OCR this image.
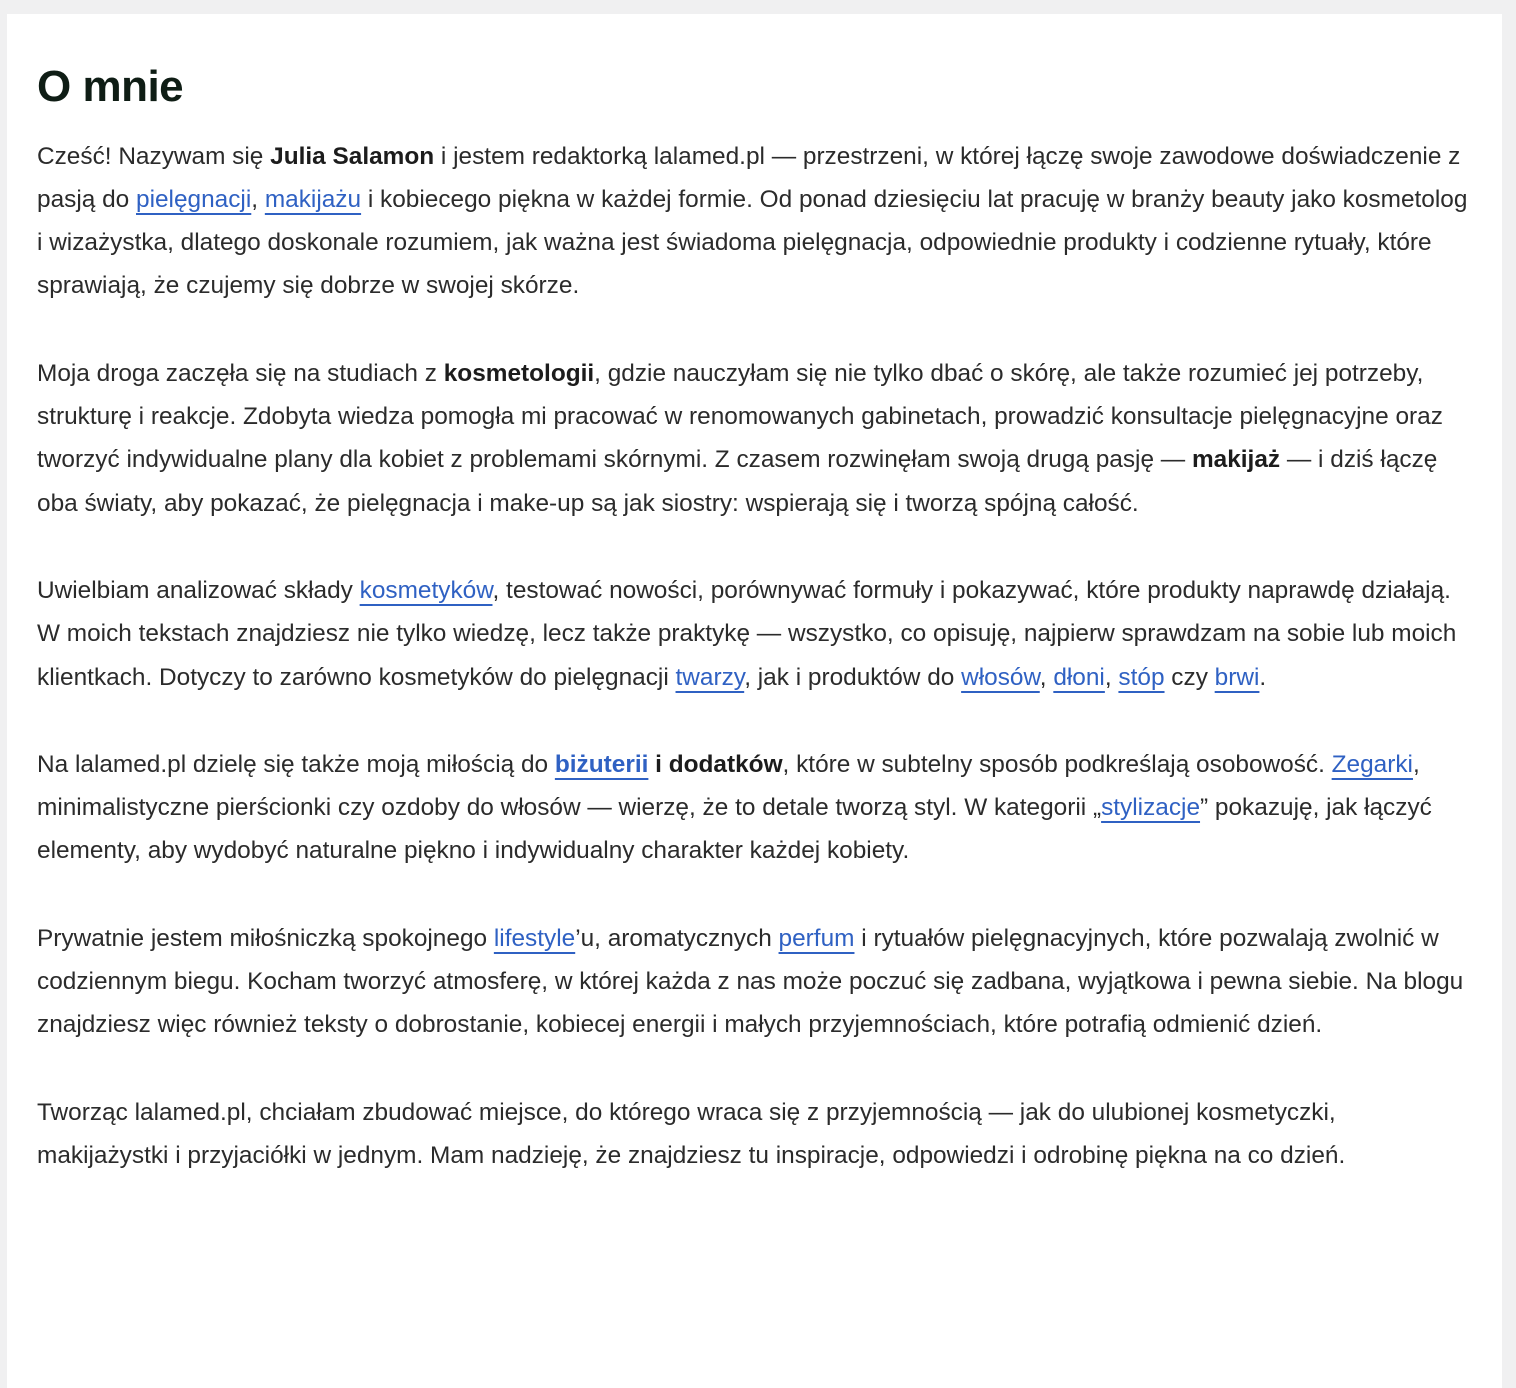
O mnie

Cześć! Nazywam się Julia Salamon i jestem redaktorką lalamed.pl — przestrzeni, w której łączę swoje zawodowe doświadczenie z pasją do pielęgnacji, makijażu i kobiecego piękna w każdej formie. Od ponad dziesięciu lat pracuję w branży beauty jako kosmetolog i wizażystka, dlatego doskonale rozumiem, jak ważna jest świadoma pielęgnacja, odpowiednie produkty i codzienne rytuały, które sprawiają, że czujemy się dobrze w swojej skórze.

Moja droga zaczęła się na studiach z kosmetologii, gdzie nauczyłam się nie tylko dbać o skórę, ale także rozumieć jej potrzeby, strukturę i reakcje. Zdobyta wiedza pomogła mi pracować w renomowanych gabinetach, prowadzić konsultacje pielęgnacyjne oraz tworzyć indywidualne plany dla kobiet z problemami skórnymi. Z czasem rozwinęłam swoją drugą pasję — makijaż — i dziś łączę oba światy, aby pokazać, że pielęgnacja i make-up są jak siostry: wspierają się i tworzą spójną całość.

Uwielbiam analizować składy kosmetyków, testować nowości, porównywać formuły i pokazywać, które produkty naprawdę działają. W moich tekstach znajdziesz nie tylko wiedzę, lecz także praktykę — wszystko, co opisuję, najpierw sprawdzam na sobie lub moich klientkach. Dotyczy to zarówno kosmetyków do pielęgnacji twarzy, jak i produktów do włosów, dłoni, stóp czy brwi.

Na lalamed.pl dzielę się także moją miłością do biżuterii i dodatków, które w subtelny sposób podkreślają osobowość. Zegarki, minimalistyczne pierścionki czy ozdoby do włosów — wierzę, że to detale tworzą styl. W kategorii „stylizacje” pokazuję, jak łączyć elementy, aby wydobyć naturalne piękno i indywidualny charakter każdej kobiety.

Prywatnie jestem miłośniczką spokojnego lifestyle’u, aromatycznych perfum i rytuałów pielęgnacyjnych, które pozwalają zwolnić w codziennym biegu. Kocham tworzyć atmosferę, w której każda z nas może poczuć się zadbana, wyjątkowa i pewna siebie. Na blogu znajdziesz więc również teksty o dobrostanie, kobiecej energii i małych przyjemnościach, które potrafią odmienić dzień.

Tworząc lalamed.pl, chciałam zbudować miejsce, do którego wraca się z przyjemnością — jak do ulubionej kosmetyczki, makijażystki i przyjaciółki w jednym. Mam nadzieję, że znajdziesz tu inspiracje, odpowiedzi i odrobinę piękna na co dzień.
